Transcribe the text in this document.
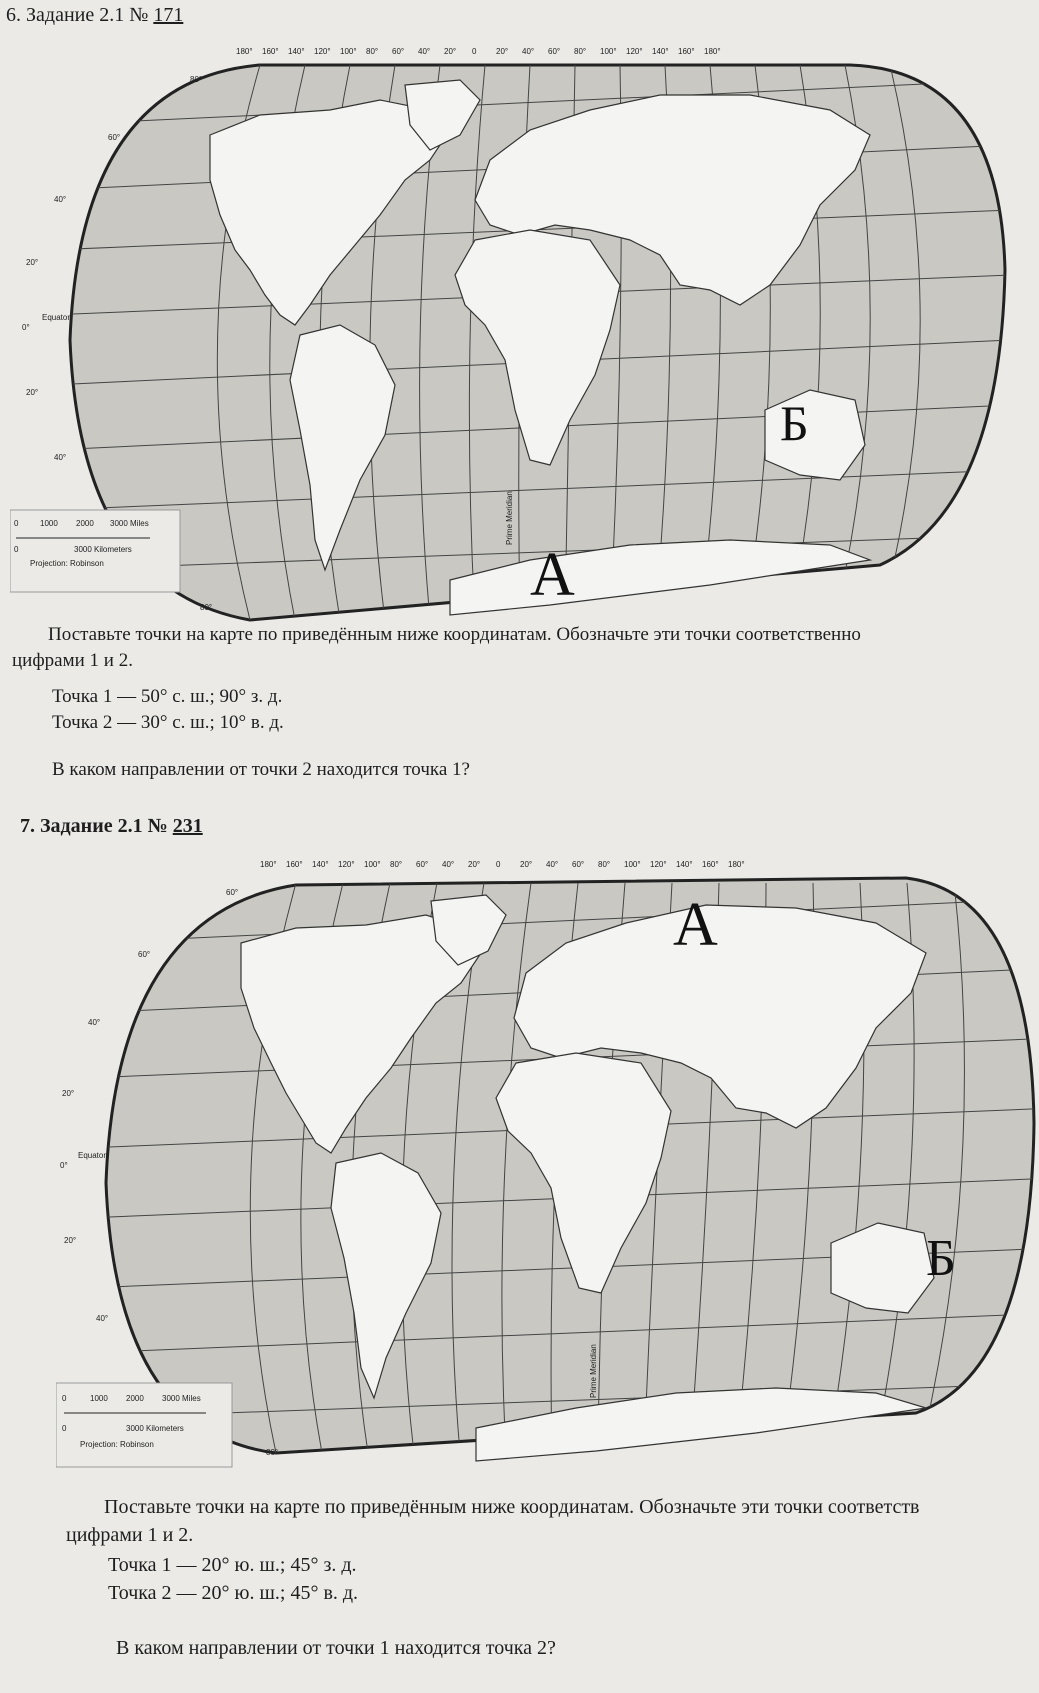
6. Задание 2.1 № 171
180° 160° 140° 120° 100° 80° 60° 40° 20° 0 20° 40° 60° 80° 100° 120° 140° 160° 180°
80°
60°
40°
20°
0°
20°
40°
Equator
Prime Meridian
80°
0	1000 2000 3000 Miles
0	3000 Kilometers
Projection: Robinson	А
Б
Поставьте точки на карте по приведённым ниже координатам. Обозначьте эти точки соответственно
цифрами 1 и 2.
Точка 1 — 50° с. ш.; 90° з. д.
Точка 2 — 30° с. ш.; 10° в. д.
В каком направлении от точки 2 находится точка 1?
7. Задание 2.1 № 231
180° 160° 140° 120° 100° 80° 60° 40° 20° 0 20° 40° 60° 80° 100° 120° 140° 160° 180°
60°
60°
40°
20°
0°
20°
40°
Equator
Prime Meridian
80°
0	1000 2000 3000 Miles
0	3000 Kilometers
Projection: Robinson
А
Б
Поставьте точки на карте по приведённым ниже координатам. Обозначьте эти точки соответств
цифрами 1 и 2.
Точка 1 — 20° ю. ш.; 45° з. д.
Точка 2 — 20° ю. ш.; 45° в. д.
В каком направлении от точки 1 находится точка 2?
